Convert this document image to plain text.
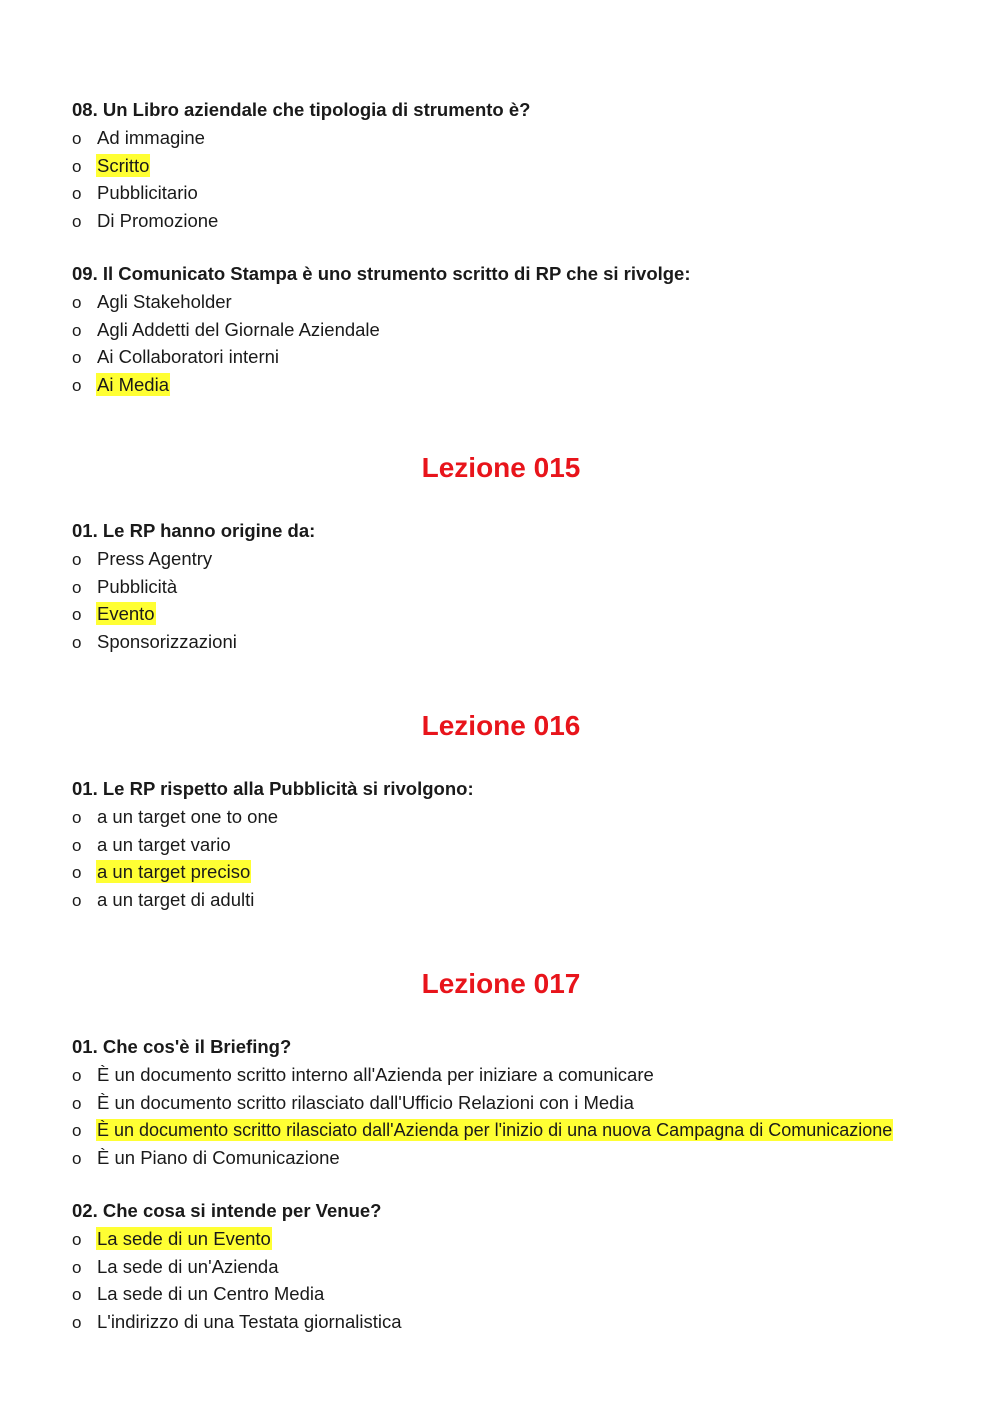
08. Un Libro aziendale che tipologia di strumento è?
o Ad immagine
o Scritto
o Pubblicitario
o Di Promozione
09. Il Comunicato Stampa è uno strumento scritto di RP che si rivolge:
o Agli Stakeholder
o Agli Addetti del Giornale Aziendale
o Ai Collaboratori interni
o Ai Media
Lezione 015
01. Le RP hanno origine da:
o Press Agentry
o Pubblicità
o Evento
o Sponsorizzazioni
Lezione 016
01. Le RP rispetto alla Pubblicità si rivolgono:
o a un target one to one
o a un target vario
o a un target preciso
o a un target di adulti
Lezione 017
01. Che cos'è il Briefing?
o È un documento scritto interno all'Azienda per iniziare a comunicare
o È un documento scritto rilasciato dall'Ufficio Relazioni con i Media
o È un documento scritto rilasciato dall'Azienda per l'inizio di una nuova Campagna di Comunicazione
o È un Piano di Comunicazione
02. Che cosa si intende per Venue?
o La sede di un Evento
o La sede di un'Azienda
o La sede di un Centro Media
o L'indirizzo di una Testata giornalistica
